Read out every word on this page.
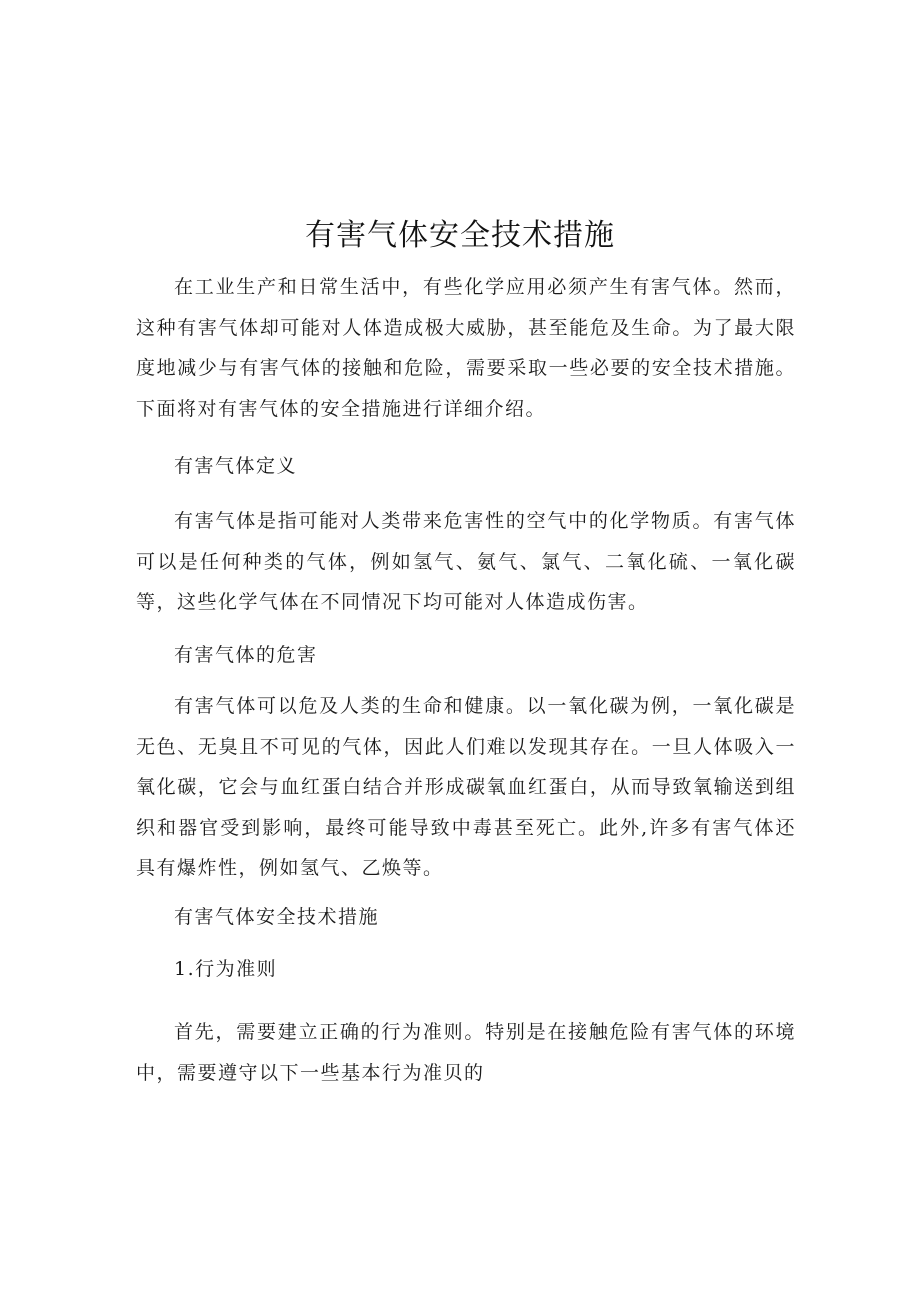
有害气体安全技术措施

在工业生产和日常生活中，有些化学应用必须产生有害气体。然而，这种有害气体却可能对人体造成极大威胁，甚至能危及生命。为了最大限度地减少与有害气体的接触和危险，需要采取一些必要的安全技术措施。下面将对有害气体的安全措施进行详细介绍。

有害气体定义

有害气体是指可能对人类带来危害性的空气中的化学物质。有害气体可以是任何种类的气体，例如氢气、氨气、氯气、二氧化硫、一氧化碳等，这些化学气体在不同情况下均可能对人体造成伤害。

有害气体的危害

有害气体可以危及人类的生命和健康。以一氧化碳为例，一氧化碳是无色、无臭且不可见的气体，因此人们难以发现其存在。一旦人体吸入一氧化碳，它会与血红蛋白结合并形成碳氧血红蛋白，从而导致氧输送到组织和器官受到影响，最终可能导致中毒甚至死亡。此外,许多有害气体还具有爆炸性，例如氢气、乙焕等。

有害气体安全技术措施

1.行为准则

首先，需要建立正确的行为准则。特别是在接触危险有害气体的环境中，需要遵守以下一些基本行为准贝的
